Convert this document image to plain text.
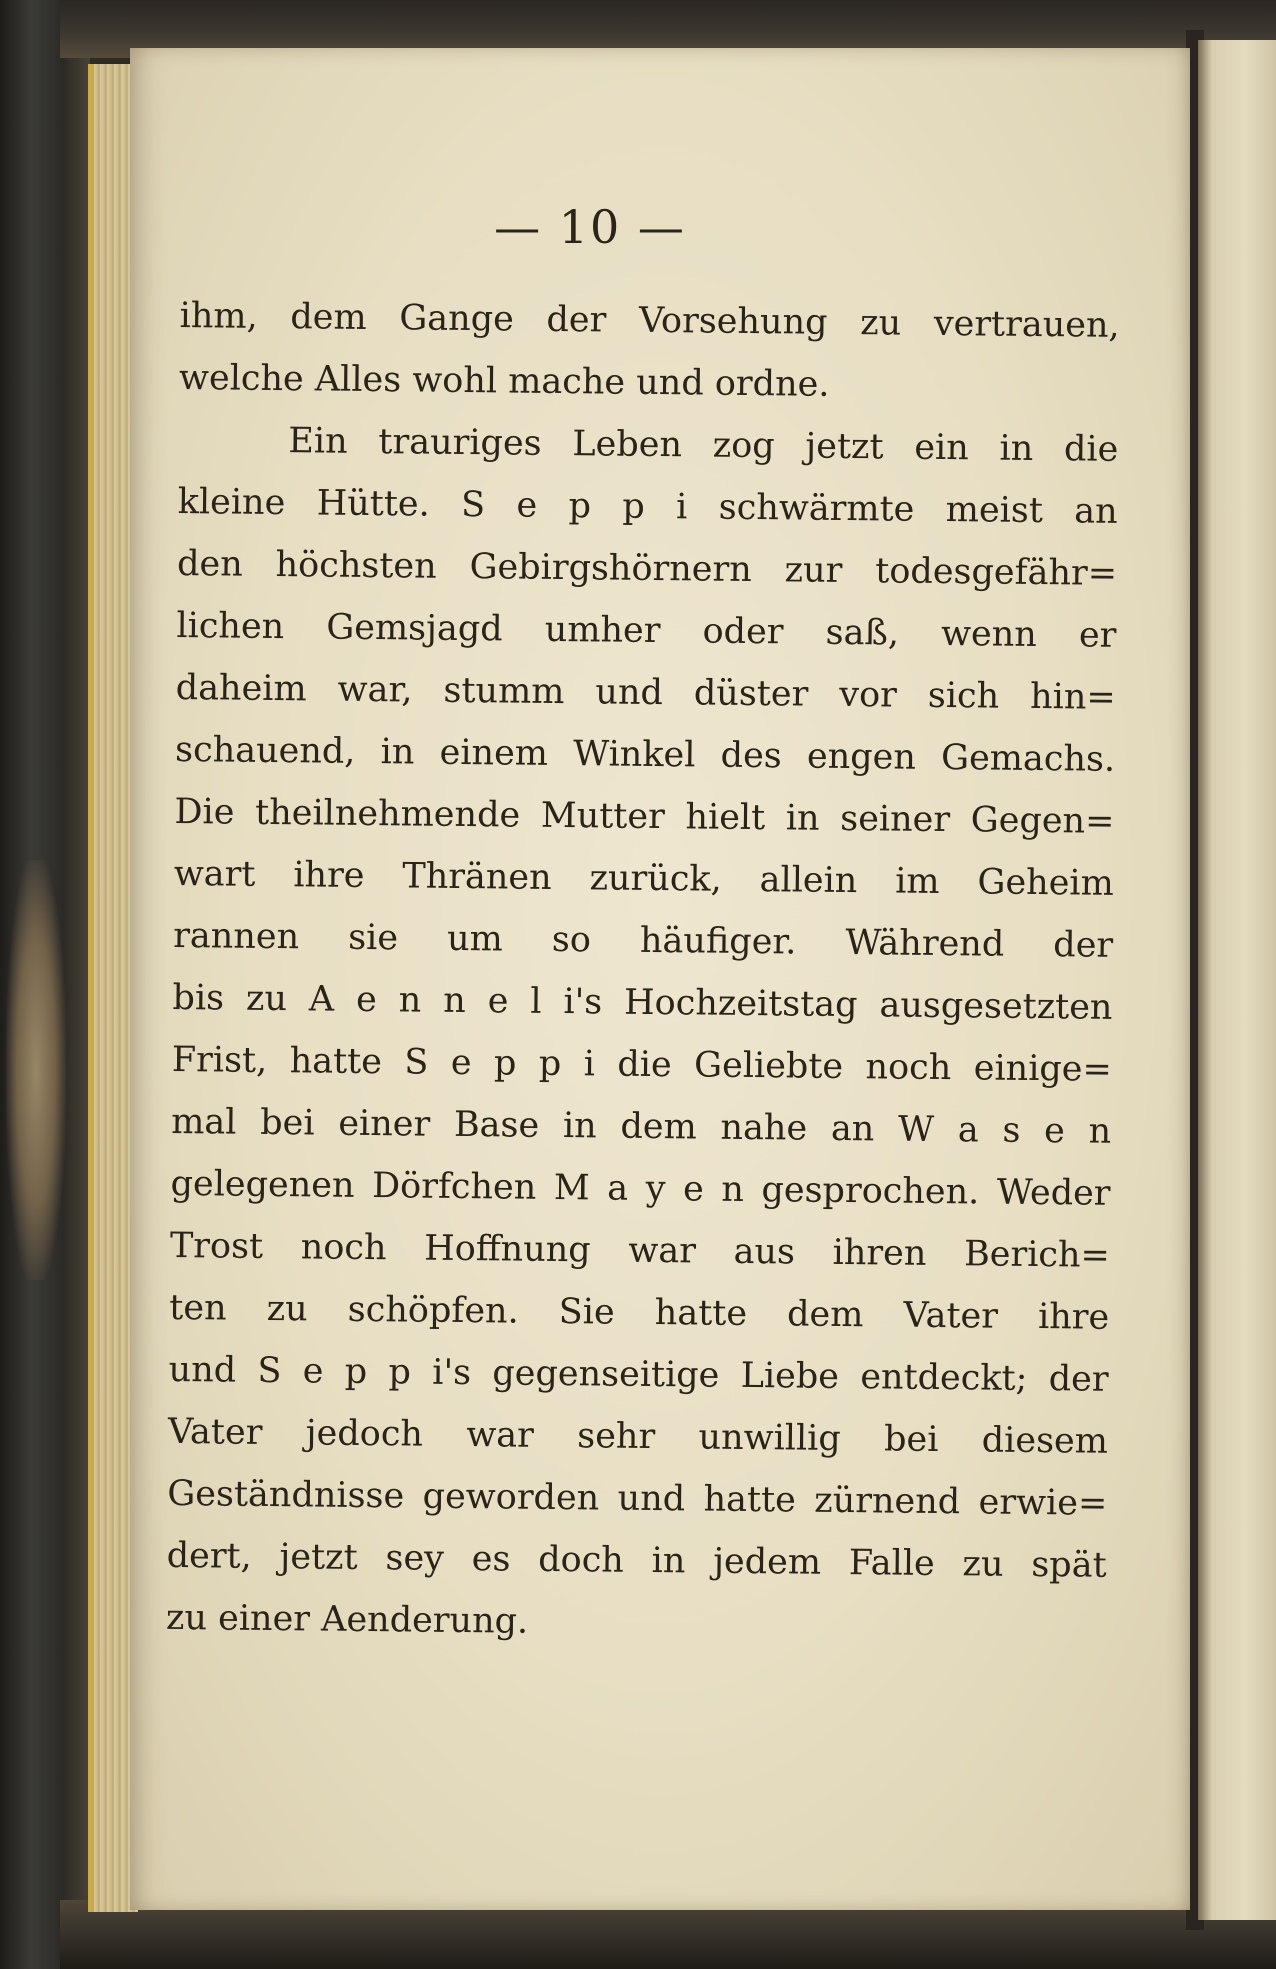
— 10 —
ihm, dem Gange der Vorsehung zu vertrauen,
welche Alles wohl mache und ordne.
Ein trauriges Leben zog jetzt ein in die
kleine Hütte. S e p p i schwärmte meist an
den höchsten Gebirgshörnern zur todesgefähr=
lichen Gemsjagd umher oder saß, wenn er
daheim war, stumm und düster vor sich hin=
schauend, in einem Winkel des engen Gemachs.
Die theilnehmende Mutter hielt in seiner Gegen=
wart ihre Thränen zurück, allein im Geheim
rannen sie um so häufiger. Während der
bis zu A e n n e l i's Hochzeitstag ausgesetzten
Frist, hatte S e p p i die Geliebte noch einige=
mal bei einer Base in dem nahe an W a s e n
gelegenen Dörfchen M a y e n gesprochen. Weder
Trost noch Hoffnung war aus ihren Berich=
ten zu schöpfen. Sie hatte dem Vater ihre
und S e p p i's gegenseitige Liebe entdeckt; der
Vater jedoch war sehr unwillig bei diesem
Geständnisse geworden und hatte zürnend erwie=
dert, jetzt sey es doch in jedem Falle zu spät
zu einer Aenderung.
